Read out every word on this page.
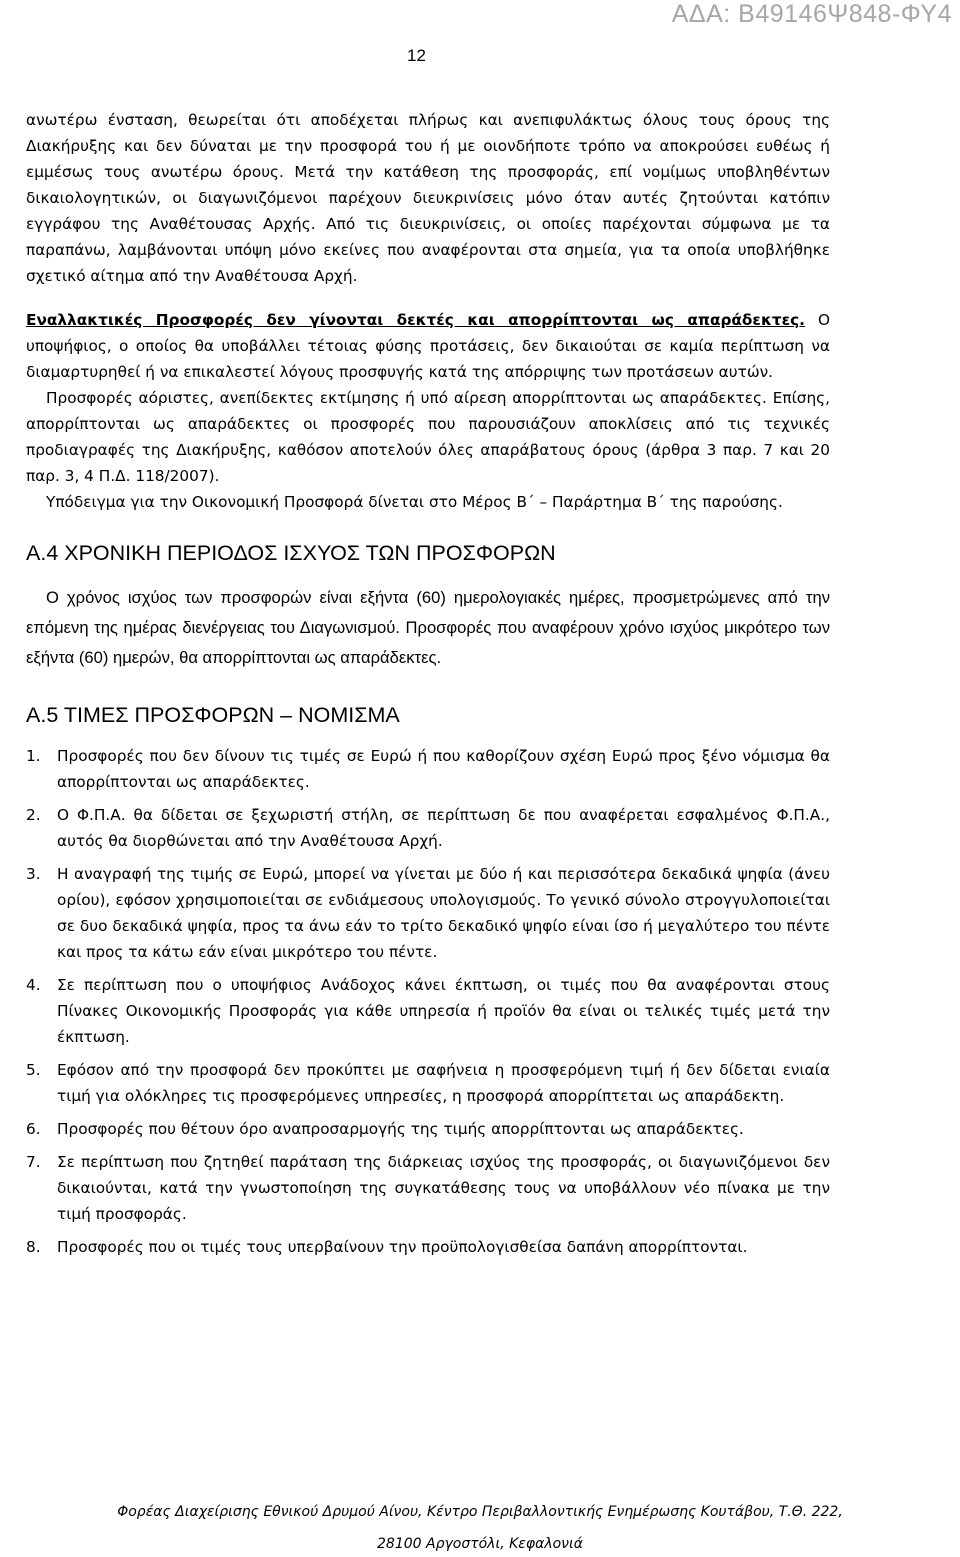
ΑΔΑ: Β49146Ψ848-ΦΥ4
12

ανωτέρω ένσταση, θεωρείται ότι αποδέχεται πλήρως και ανεπιφυλάκτως όλους τους όρους της Διακήρυξης και δεν δύναται με την προσφορά του ή με οιονδήποτε τρόπο να αποκρούσει ευθέως ή εμμέσως τους ανωτέρω όρους. Μετά την κατάθεση της προσφοράς, επί νομίμως υποβληθέντων δικαιολογητικών, οι διαγωνιζόμενοι παρέχουν διευκρινίσεις μόνο όταν αυτές ζητούνται κατόπιν εγγράφου της Αναθέτουσας Αρχής. Από τις διευκρινίσεις, οι οποίες παρέχονται σύμφωνα με τα παραπάνω, λαμβάνονται υπόψη μόνο εκείνες που αναφέρονται στα σημεία, για τα οποία υποβλήθηκε σχετικό αίτημα από την Αναθέτουσα Αρχή.

Εναλλακτικές Προσφορές δεν γίνονται δεκτές και απορρίπτονται ως απαράδεκτες. Ο υποψήφιος, ο οποίος θα υποβάλλει τέτοιας φύσης προτάσεις, δεν δικαιούται σε καμία περίπτωση να διαμαρτυρηθεί ή να επικαλεστεί λόγους προσφυγής κατά της απόρριψης των προτάσεων αυτών.

Προσφορές αόριστες, ανεπίδεκτες εκτίμησης ή υπό αίρεση απορρίπτονται ως απαράδεκτες. Επίσης, απορρίπτονται ως απαράδεκτες οι προσφορές που παρουσιάζουν αποκλίσεις από τις τεχνικές προδιαγραφές της Διακήρυξης, καθόσον αποτελούν όλες απαράβατους όρους (άρθρα 3 παρ. 7 και 20 παρ. 3, 4 Π.Δ. 118/2007).

Υπόδειγμα για την Οικονομική Προσφορά δίνεται στο Μέρος Β΄ – Παράρτημα Β΄ της παρούσης.

Α.4 ΧΡΟΝΙΚΗ ΠΕΡΙΟΔΟΣ ΙΣΧΥΟΣ ΤΩΝ ΠΡΟΣΦΟΡΩΝ

Ο χρόνος ισχύος των προσφορών είναι εξήντα (60) ημερολογιακές ημέρες, προσμετρώμενες από την επόμενη της ημέρας διενέργειας του Διαγωνισμού. Προσφορές που αναφέρουν χρόνο ισχύος μικρότερο των εξήντα (60) ημερών, θα απορρίπτονται ως απαράδεκτες.

Α.5 ΤΙΜΕΣ ΠΡΟΣΦΟΡΩΝ – ΝΟΜΙΣΜΑ
1. Προσφορές που δεν δίνουν τις τιμές σε Ευρώ ή που καθορίζουν σχέση Ευρώ προς ξένο νόμισμα θα απορρίπτονται ως απαράδεκτες.
2. Ο Φ.Π.Α. θα δίδεται σε ξεχωριστή στήλη, σε περίπτωση δε που αναφέρεται εσφαλμένος Φ.Π.Α., αυτός θα διορθώνεται από την Αναθέτουσα Αρχή.
3. Η αναγραφή της τιμής σε Ευρώ, μπορεί να γίνεται με δύο ή και περισσότερα δεκαδικά ψηφία (άνευ ορίου), εφόσον χρησιμοποιείται σε ενδιάμεσους υπολογισμούς. Το γενικό σύνολο στρογγυλοποιείται σε δυο δεκαδικά ψηφία, προς τα άνω εάν το τρίτο δεκαδικό ψηφίο είναι ίσο ή μεγαλύτερο του πέντε και προς τα κάτω εάν είναι μικρότερο του πέντε.
4. Σε περίπτωση που ο υποψήφιος Ανάδοχος κάνει έκπτωση, οι τιμές που θα αναφέρονται στους Πίνακες Οικονομικής Προσφοράς για κάθε υπηρεσία ή προϊόν θα είναι οι τελικές τιμές μετά την έκπτωση.
5. Εφόσον από την προσφορά δεν προκύπτει με σαφήνεια η προσφερόμενη τιμή ή δεν δίδεται ενιαία τιμή για ολόκληρες τις προσφερόμενες υπηρεσίες, η προσφορά απορρίπτεται ως απαράδεκτη.
6. Προσφορές που θέτουν όρο αναπροσαρμογής της τιμής απορρίπτονται ως απαράδεκτες.
7. Σε περίπτωση που ζητηθεί παράταση της διάρκειας ισχύος της προσφοράς, οι διαγωνιζόμενοι δεν δικαιούνται, κατά την γνωστοποίηση της συγκατάθεσης τους να υποβάλλουν νέο πίνακα με την τιμή προσφοράς.
8. Προσφορές που οι τιμές τους υπερβαίνουν την προϋπολογισθείσα δαπάνη απορρίπτονται.
Φορέας Διαχείρισης Εθνικού Δρυμού Αίνου, Κέντρο Περιβαλλοντικής Ενημέρωσης Κουτάβου, Τ.Θ. 222,
28100 Αργοστόλι, Κεφαλονιά
